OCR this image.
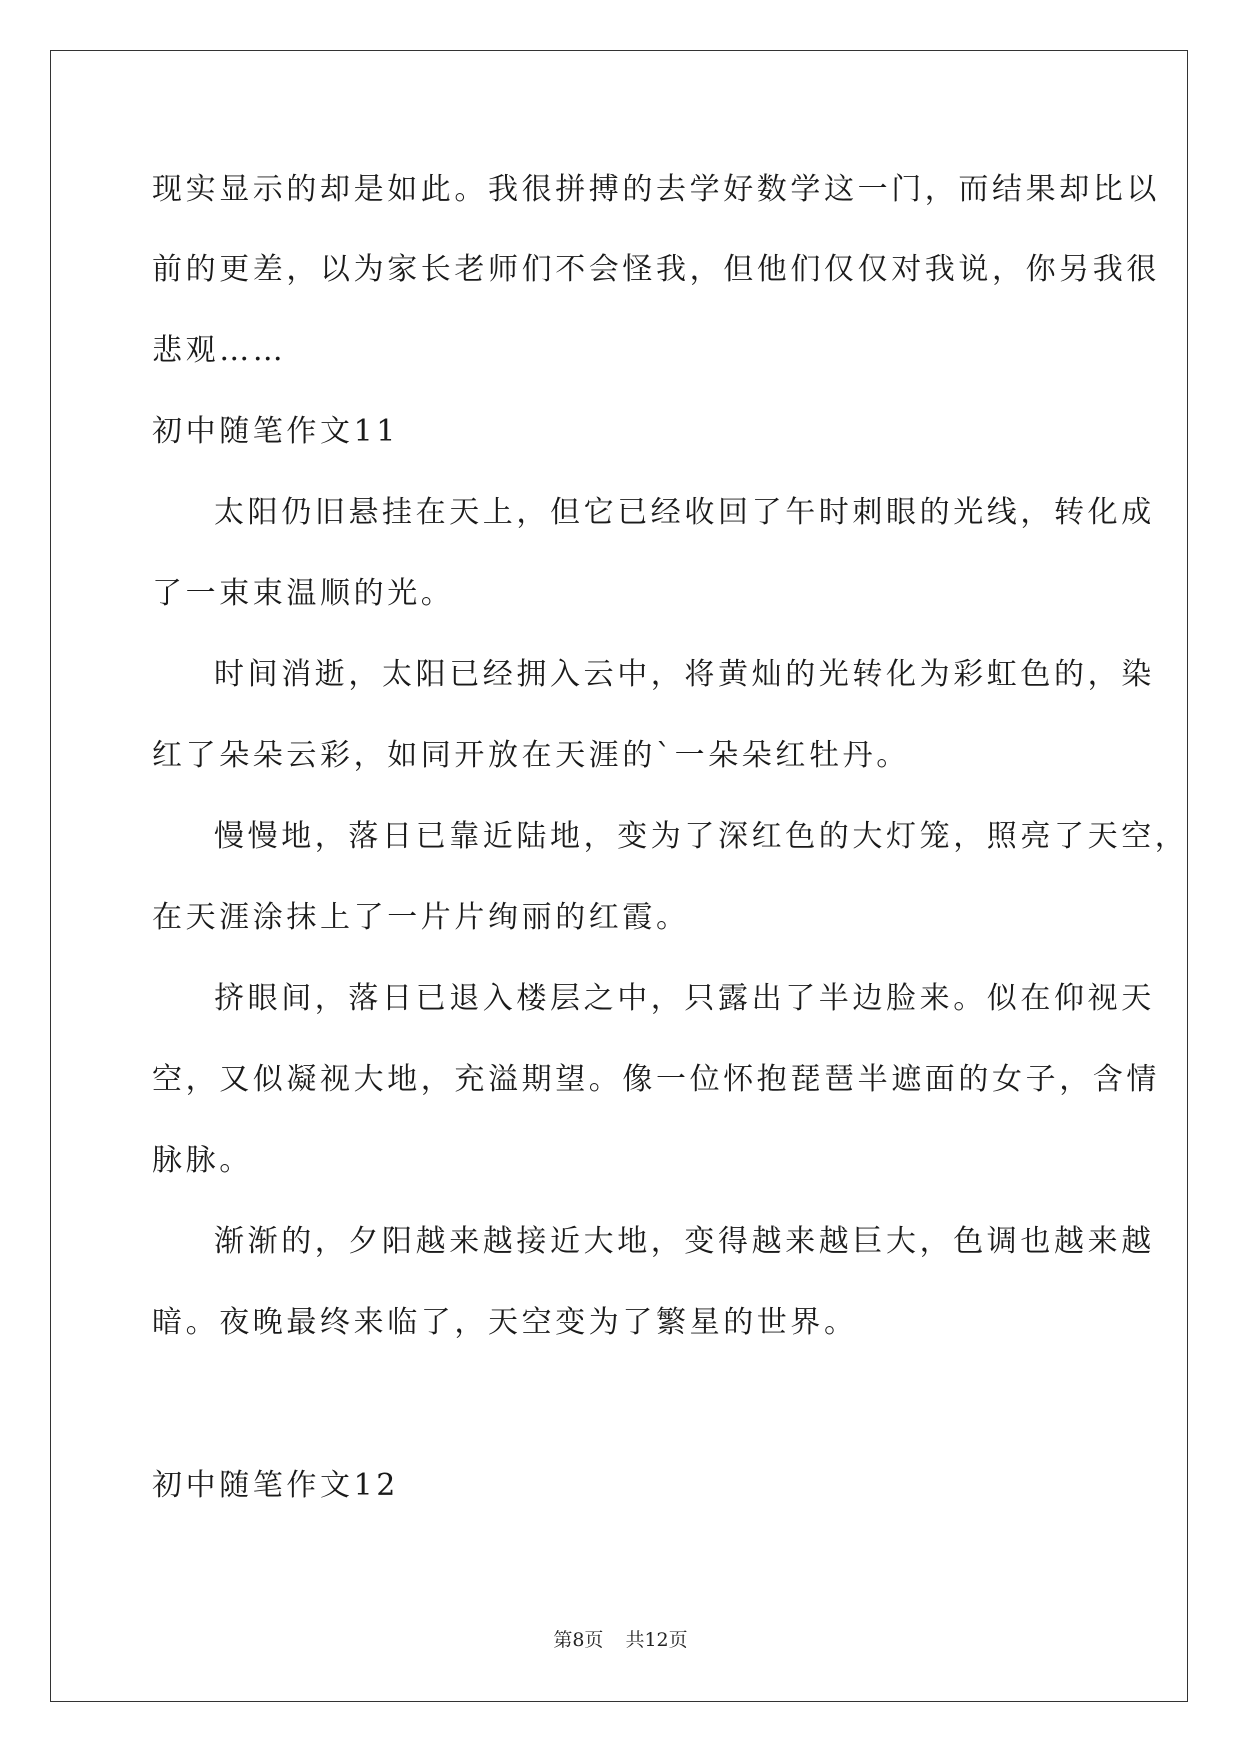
现实显示的却是如此。我很拼搏的去学好数学这一门，而结果却比以
前的更差，以为家长老师们不会怪我，但他们仅仅对我说，你另我很
悲观……
初中随笔作文11
太阳仍旧悬挂在天上，但它已经收回了午时刺眼的光线，转化成
了一束束温顺的光。
时间消逝，太阳已经拥入云中，将黄灿的光转化为彩虹色的，染
红了朵朵云彩，如同开放在天涯的`一朵朵红牡丹。
慢慢地，落日已靠近陆地，变为了深红色的大灯笼，照亮了天空，
在天涯涂抹上了一片片绚丽的红霞。
挤眼间，落日已退入楼层之中，只露出了半边脸来。似在仰视天
空，又似凝视大地，充溢期望。像一位怀抱琵琶半遮面的女子，含情
脉脉。
渐渐的，夕阳越来越接近大地，变得越来越巨大，色调也越来越
暗。夜晚最终来临了，天空变为了繁星的世界。
初中随笔作文12
第8页 共12页
